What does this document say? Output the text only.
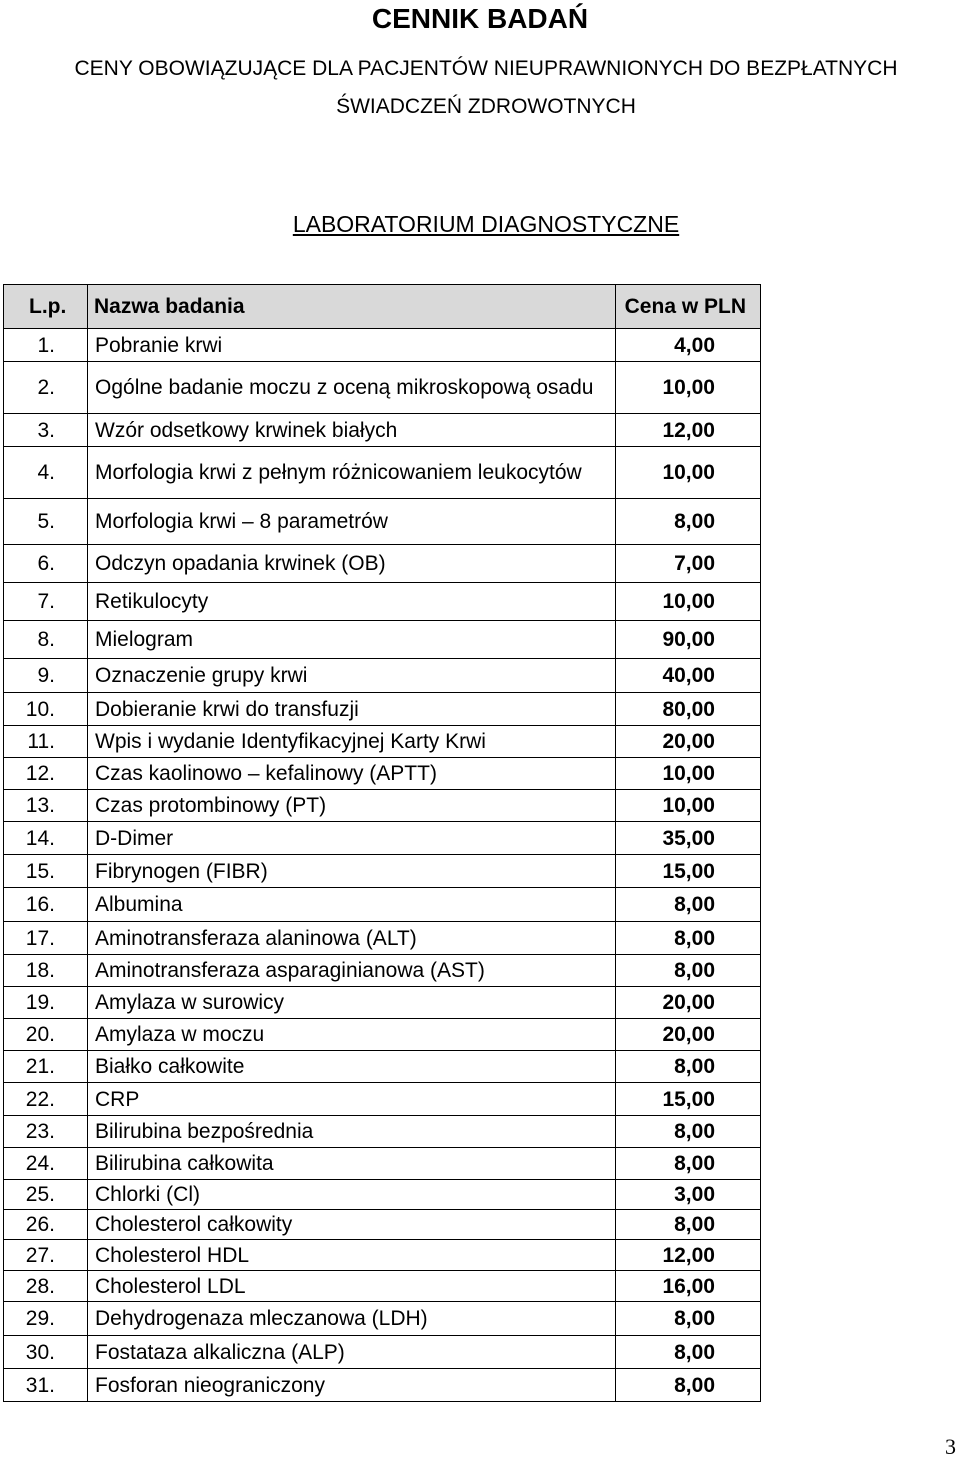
CENNIK BADAŃ
CENY OBOWIĄZUJĄCE DLA PACJENTÓW NIEUPRAWNIONYCH DO BEZPŁATNYCH
ŚWIADCZEŃ ZDROWOTNYCH
LABORATORIUM DIAGNOSTYCZNE
L.p.	Nazwa badania	Cena w PLN
1.	Pobranie krwi	4,00
2.	Ogólne badanie moczu z oceną mikroskopową osadu	10,00
3.	Wzór odsetkowy krwinek białych	12,00
4.	Morfologia krwi z pełnym różnicowaniem leukocytów	10,00
5.	Morfologia krwi – 8 parametrów	8,00
6.	Odczyn opadania krwinek (OB)	7,00
7.	Retikulocyty	10,00
8.	Mielogram	90,00
9.	Oznaczenie grupy krwi	40,00
10.	Dobieranie krwi do transfuzji	80,00
11.	Wpis i wydanie Identyfikacyjnej Karty Krwi	20,00
12.	Czas kaolinowo – kefalinowy (APTT)	10,00
13.	Czas protombinowy (PT)	10,00
14.	D-Dimer	35,00
15.	Fibrynogen (FIBR)	15,00
16.	Albumina	8,00
17.	Aminotransferaza alaninowa (ALT)	8,00
18.	Aminotransferaza asparaginianowa (AST)	8,00
19.	Amylaza w surowicy	20,00
20.	Amylaza w moczu	20,00
21.	Białko całkowite	8,00
22.	CRP	15,00
23.	Bilirubina bezpośrednia	8,00
24.	Bilirubina całkowita	8,00
25.	Chlorki (Cl)	3,00
26.	Cholesterol całkowity	8,00
27.	Cholesterol HDL	12,00
28.	Cholesterol LDL	16,00
29.	Dehydrogenaza mleczanowa (LDH)	8,00
30.	Fostataza alkaliczna (ALP)	8,00
31.	Fosforan nieograniczony	8,00
3
